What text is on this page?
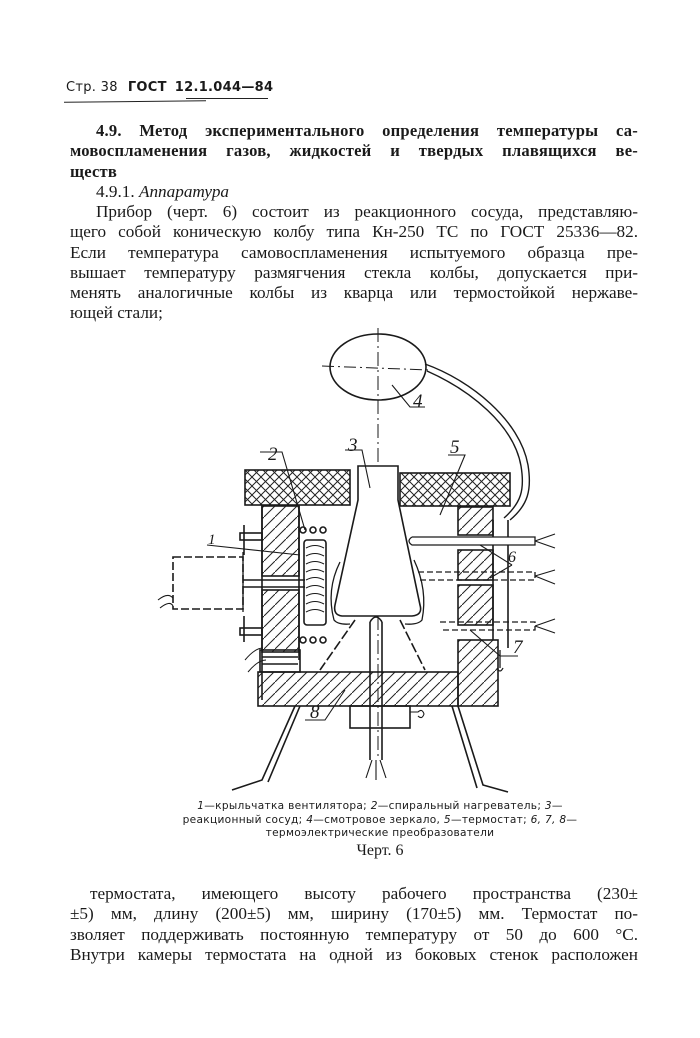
Стр. 38 ГОСТ 12.1.044—84
4.9. Метод экспериментального определения температуры са-
мовоспламенения газов, жидкостей и твердых плавящихся ве-
ществ
4.9.1. Аппаратура
Прибор (черт. 6) состоит из реакционного сосуда, представляю-
щего собой коническую колбу типа Кн-250 ТС по ГОСТ 25336—82.
Если температура самовоспламенения испытуемого образца пре-
вышает температуру размягчения стекла колбы, допускается при-
менять аналогичные колбы из кварца или термостойкой нержаве-
ющей стали;
2	3
4
5
1
6
7
8
1—крыльчатка вентилятора; 2—спиральный нагреватель; 3—реакционный сосуд; 4—смотровое зеркало, 5—термостат; 6, 7, 8—термоэлектрические преобразователи
Черт. 6
термостата, имеющего высоту рабочего пространства (230±
±5) мм, длину (200±5) мм, ширину (170±5) мм. Термостат по-
зволяет поддерживать постоянную температуру от 50 до 600 °С.
Внутри камеры термостата на одной из боковых стенок расположен
